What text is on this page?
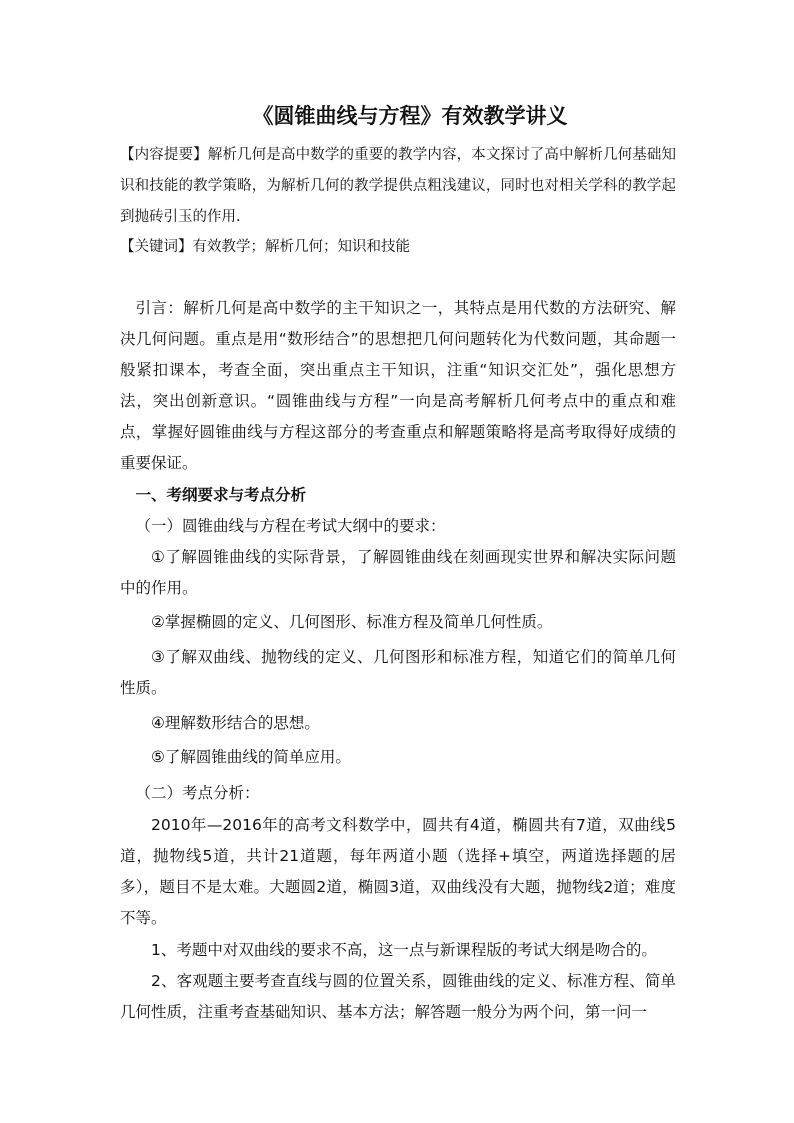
《圆锥曲线与方程》有效教学讲义
【内容提要】解析几何是高中数学的重要的教学内容，本文探讨了高中解析几何基础知识和技能的教学策略，为解析几何的教学提供点粗浅建议，同时也对相关学科的教学起到抛砖引玉的作用.
【关键词】有效教学；解析几何；知识和技能

引言：解析几何是高中数学的主干知识之一，其特点是用代数的方法研究、解决几何问题。重点是用“数形结合”的思想把几何问题转化为代数问题，其命题一般紧扣课本，考查全面，突出重点主干知识，注重“知识交汇处”，强化思想方法，突出创新意识。“圆锥曲线与方程”一向是高考解析几何考点中的重点和难点，掌握好圆锥曲线与方程这部分的考查重点和解题策略将是高考取得好成绩的重要保证。

一、考纲要求与考点分析

（一）圆锥曲线与方程在考试大纲中的要求：

①了解圆锥曲线的实际背景，了解圆锥曲线在刻画现实世界和解决实际问题中的作用。

②掌握椭圆的定义、几何图形、标准方程及简单几何性质。

③了解双曲线、抛物线的定义、几何图形和标准方程，知道它们的简单几何性质。

④理解数形结合的思想。

⑤了解圆锥曲线的简单应用。

（二）考点分析：

2010年—2016年的高考文科数学中，圆共有4道，椭圆共有7道，双曲线5道，抛物线5道，共计21道题，每年两道小题（选择+填空，两道选择题的居多），题目不是太难。大题圆2道，椭圆3道，双曲线没有大题，抛物线2道；难度不等。

1、考题中对双曲线的要求不高，这一点与新课程版的考试大纲是吻合的。

2、客观题主要考查直线与圆的位置关系，圆锥曲线的定义、标准方程、简单几何性质，注重考查基础知识、基本方法；解答题一般分为两个问，第一问一
